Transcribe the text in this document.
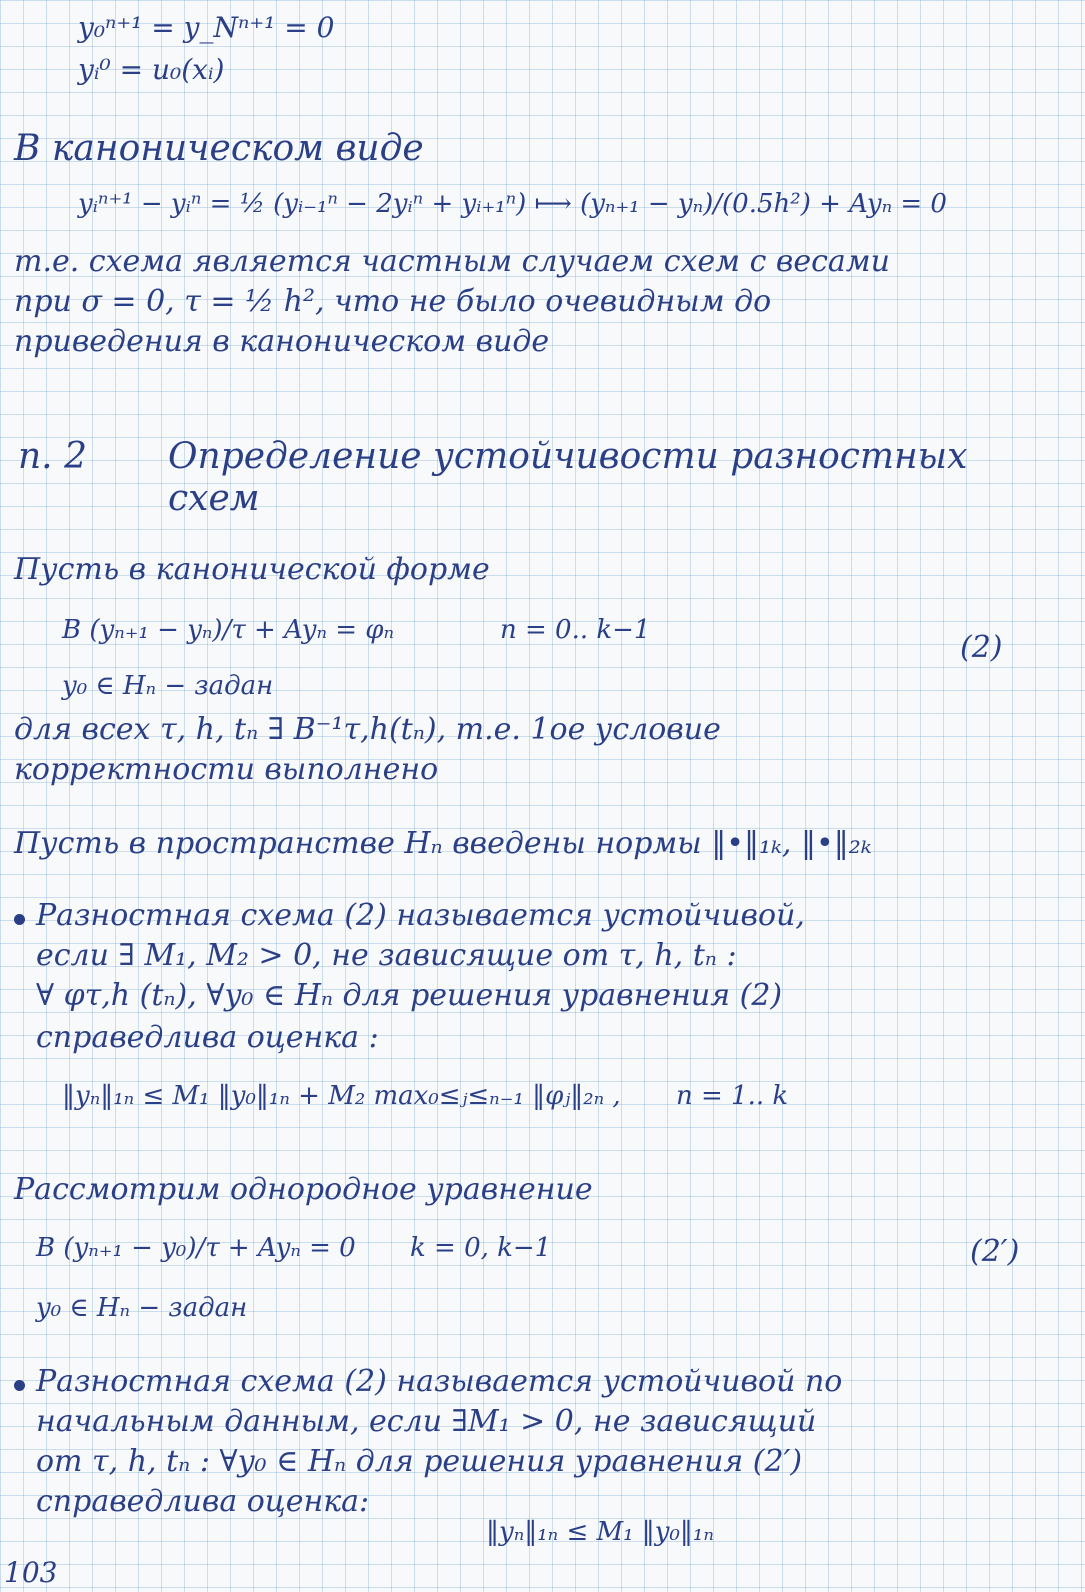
y₀ⁿ⁺¹ = y_Nⁿ⁺¹ = 0
yᵢ⁰ = u₀(xᵢ)
В каноническом виде
yᵢⁿ⁺¹ − yᵢⁿ = ½ (yᵢ₋₁ⁿ − 2yᵢⁿ + yᵢ₊₁ⁿ) ⟼ (yₙ₊₁ − yₙ)/(0.5h²) + Ayₙ = 0
т.е. схема является частным случаем схем с весами
при σ = 0, τ = ½ h², что не было очевидным до
приведения в каноническом виде
п. 2 Определение устойчивости разностных
схем
Пусть в канонической форме
B (yₙ₊₁ − yₙ)/τ + Ayₙ = φₙ	n = 0.. k−1	(2)
y₀ ∈ Hₙ − задан
для всех τ, h, tₙ ∃ B⁻¹τ,h(tₙ), т.е. 1ое условие
корректности выполнено
Пусть в пространстве Hₙ введены нормы ‖•‖₁ₖ, ‖•‖₂ₖ
Разностная схема (2) называется устойчивой,
если ∃ M₁, M₂ > 0, не зависящие от τ, h, tₙ :
∀ φτ,h (tₙ), ∀y₀ ∈ Hₙ для решения уравнения (2)
справедлива оценка :
‖yₙ‖₁ₙ ≤ M₁ ‖y₀‖₁ₙ + M₂ max₀≤ⱼ≤ₙ₋₁ ‖φⱼ‖₂ₙ , n = 1.. k
Рассмотрим однородное уравнение
B (yₙ₊₁ − y₀)/τ + Ayₙ = 0 k = 0, k−1	(2′)
y₀ ∈ Hₙ − задан
Разностная схема (2) называется устойчивой по
начальным данным, если ∃M₁ > 0, не зависящий
от τ, h, tₙ : ∀y₀ ∈ Hₙ для решения уравнения (2′)
справедлива оценка:
‖yₙ‖₁ₙ ≤ M₁ ‖y₀‖₁ₙ
103
